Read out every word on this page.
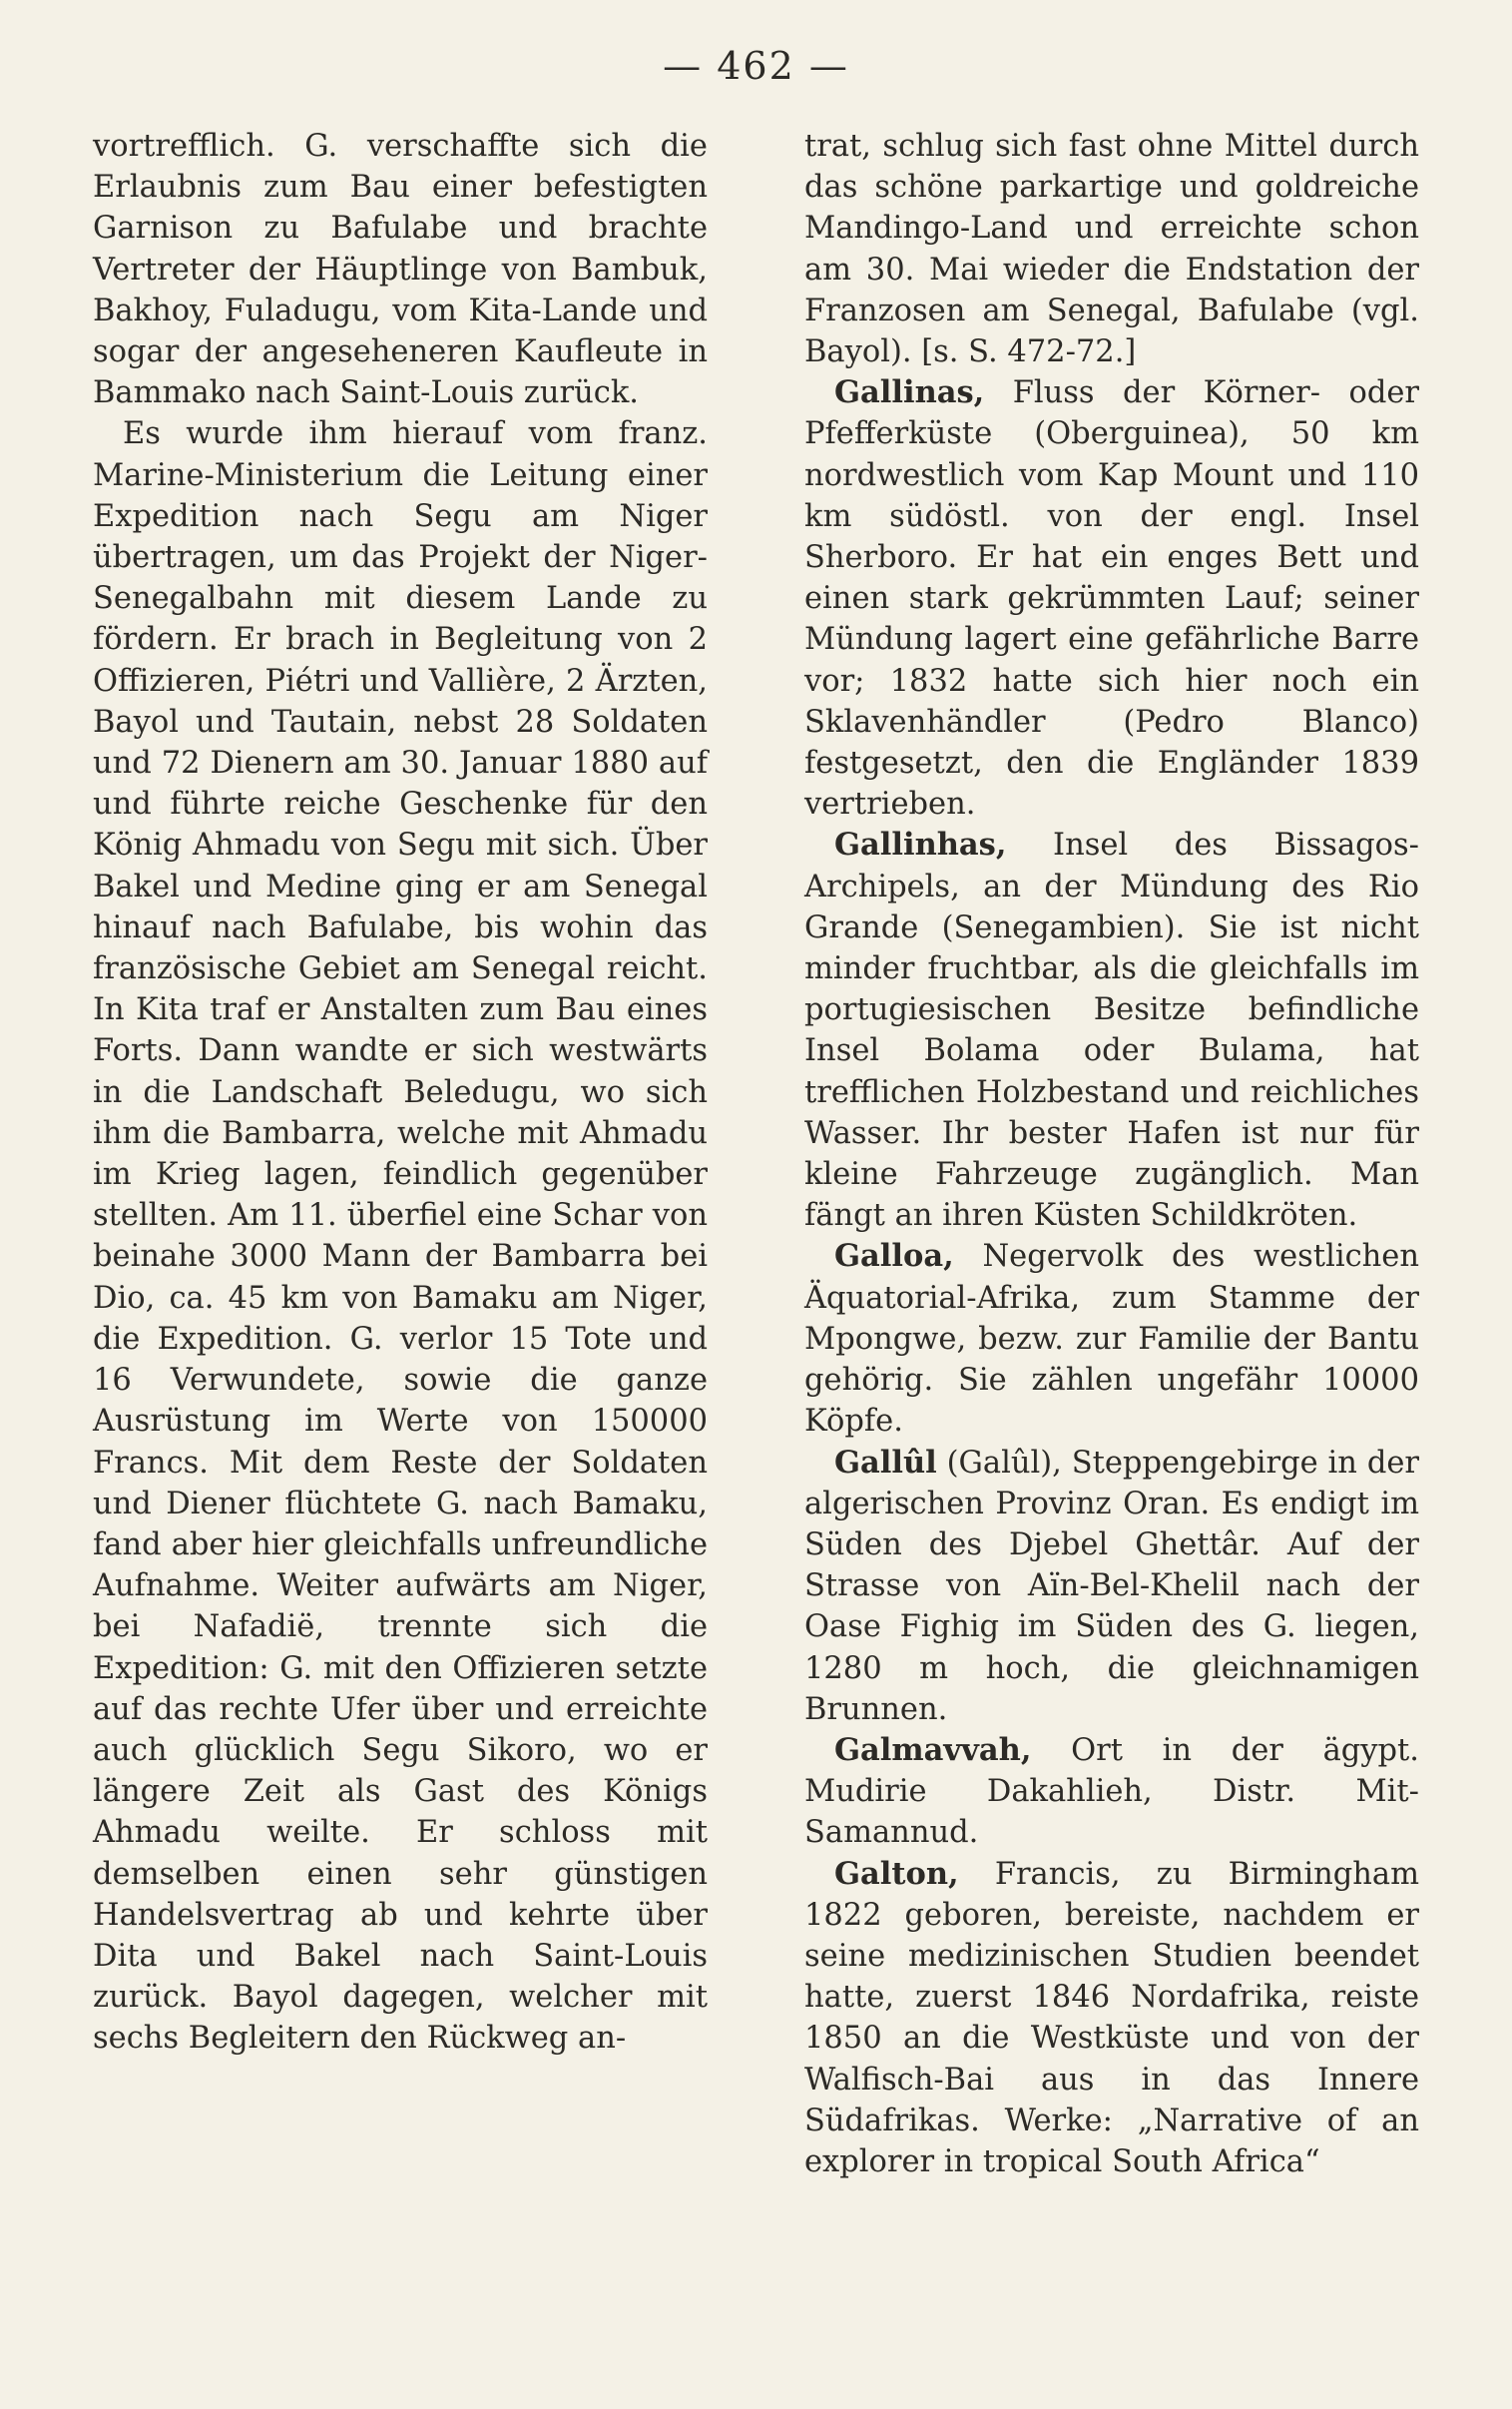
— 462 —

vortrefflich. G. verschaffte sich die Erlaubnis zum Bau einer befestigten Garnison zu Bafulabe und brachte Vertreter der Häuptlinge von Bambuk, Bakhoy, Fuladugu, vom Kita-Lande und sogar der angeseheneren Kaufleute in Bammako nach Saint-Louis zurück.

Es wurde ihm hierauf vom franz. Marine-Ministerium die Leitung einer Expedition nach Segu am Niger übertragen, um das Projekt der Niger-Senegalbahn mit diesem Lande zu fördern. Er brach in Begleitung von 2 Offizieren, Piétri und Vallière, 2 Ärzten, Bayol und Tautain, nebst 28 Soldaten und 72 Dienern am 30. Januar 1880 auf und führte reiche Geschenke für den König Ahmadu von Segu mit sich. Über Bakel und Medine ging er am Senegal hinauf nach Bafulabe, bis wohin das französische Gebiet am Senegal reicht. In Kita traf er Anstalten zum Bau eines Forts. Dann wandte er sich westwärts in die Landschaft Beledugu, wo sich ihm die Bambarra, welche mit Ahmadu im Krieg lagen, feindlich gegenüber stellten. Am 11. überfiel eine Schar von beinahe 3000 Mann der Bambarra bei Dio, ca. 45 km von Bamaku am Niger, die Expedition. G. verlor 15 Tote und 16 Verwundete, sowie die ganze Ausrüstung im Werte von 150000 Francs. Mit dem Reste der Soldaten und Diener flüchtete G. nach Bamaku, fand aber hier gleichfalls unfreundliche Aufnahme. Weiter aufwärts am Niger, bei Nafadië, trennte sich die Expedition: G. mit den Offizieren setzte auf das rechte Ufer über und erreichte auch glücklich Segu Sikoro, wo er längere Zeit als Gast des Königs Ahmadu weilte. Er schloss mit demselben einen sehr günstigen Handelsvertrag ab und kehrte über Dita und Bakel nach Saint-Louis zurück. Bayol dagegen, welcher mit sechs Begleitern den Rückweg an-

trat, schlug sich fast ohne Mittel durch das schöne parkartige und goldreiche Mandingo-Land und erreichte schon am 30. Mai wieder die Endstation der Franzosen am Senegal, Bafulabe (vgl. Bayol). [s. S. 472-72.]

Gallinas, Fluss der Körner- oder Pfefferküste (Oberguinea), 50 km nordwestlich vom Kap Mount und 110 km südöstl. von der engl. Insel Sherboro. Er hat ein enges Bett und einen stark gekrümmten Lauf; seiner Mündung lagert eine gefährliche Barre vor; 1832 hatte sich hier noch ein Sklavenhändler (Pedro Blanco) festgesetzt, den die Engländer 1839 vertrieben.

Gallinhas, Insel des Bissagos-Archipels, an der Mündung des Rio Grande (Senegambien). Sie ist nicht minder fruchtbar, als die gleichfalls im portugiesischen Besitze befindliche Insel Bolama oder Bulama, hat trefflichen Holzbestand und reichliches Wasser. Ihr bester Hafen ist nur für kleine Fahrzeuge zugänglich. Man fängt an ihren Küsten Schildkröten.

Galloa, Negervolk des westlichen Äquatorial-Afrika, zum Stamme der Mpongwe, bezw. zur Familie der Bantu gehörig. Sie zählen ungefähr 10000 Köpfe.

Gallûl (Galûl), Steppengebirge in der algerischen Provinz Oran. Es endigt im Süden des Djebel Ghettâr. Auf der Strasse von Aïn-Bel-Khelil nach der Oase Fighig im Süden des G. liegen, 1280 m hoch, die gleichnamigen Brunnen.

Galmavvah, Ort in der ägypt. Mudirie Dakahlieh, Distr. Mit-Samannud.

Galton, Francis, zu Birmingham 1822 geboren, bereiste, nachdem er seine medizinischen Studien beendet hatte, zuerst 1846 Nordafrika, reiste 1850 an die Westküste und von der Walfisch-Bai aus in das Innere Südafrikas. Werke: „Narrative of an explorer in tropical South Africa“
